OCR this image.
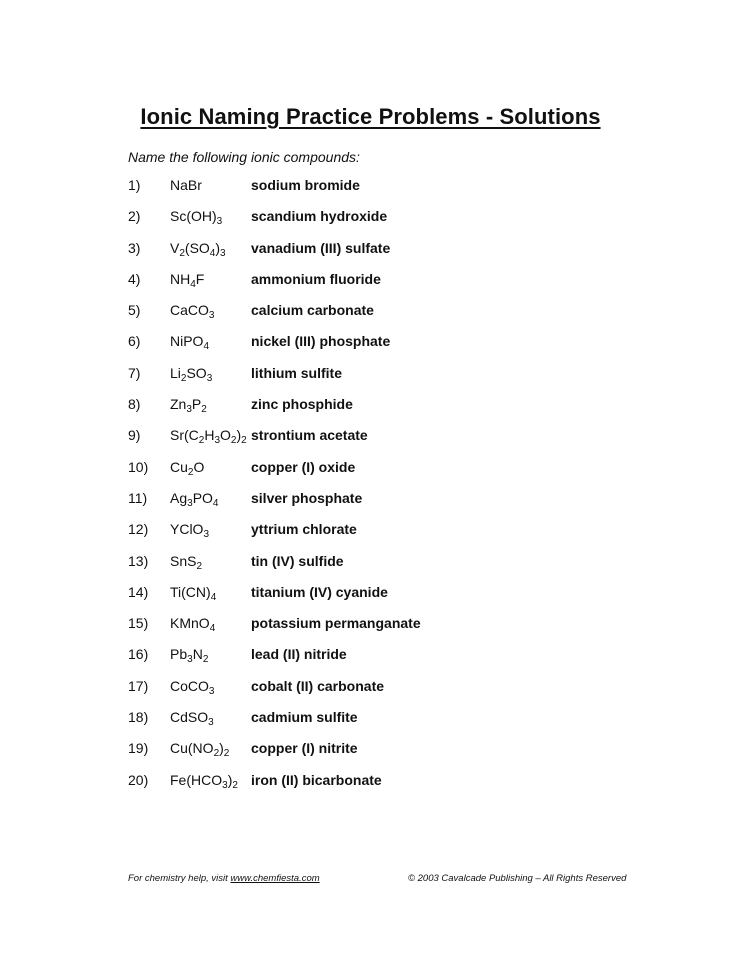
Ionic Naming Practice Problems - Solutions
Name the following ionic compounds:
1) NaBr	sodium bromide
2) $Sc(OH)_3$ scandium hydroxide
3) $V_2(SO_4)_3$ vanadium (III) sulfate
4) $NH_4F$	ammonium fluoride
5) CaCO$_3$	calcium carbonate
6) NiPO$_4$	nickel (III) phosphate
7) $Li_2SO_3$	lithium sulfite
8) $Zn_3P_2$	zinc phosphide
9) $Sr(C_2H_3O_2)_2$ strontium acetate
10) $Cu_2O$	copper (I) oxide
11) $Ag_3PO_4$ silver phosphate
12) YClO$_3$	yttrium chlorate
13) SnS$_2$	tin (IV) sulfide
14) $Ti(CN)_4$ titanium (IV) cyanide
15) KMnO$_4$	potassium permanganate
16) $Pb_3N_2$	lead (II) nitride
17) CoCO$_3$	cobalt (II) carbonate
18) CdSO$_3$	cadmium sulfite
19) $Cu(NO_2)_2$ copper (I) nitrite
20) $Fe(HCO_3)_2$ iron (II) bicarbonate
For chemistry help, visit www.chemfiesta.com	© 2003 Cavalcade Publishing – All Rights Reserved
